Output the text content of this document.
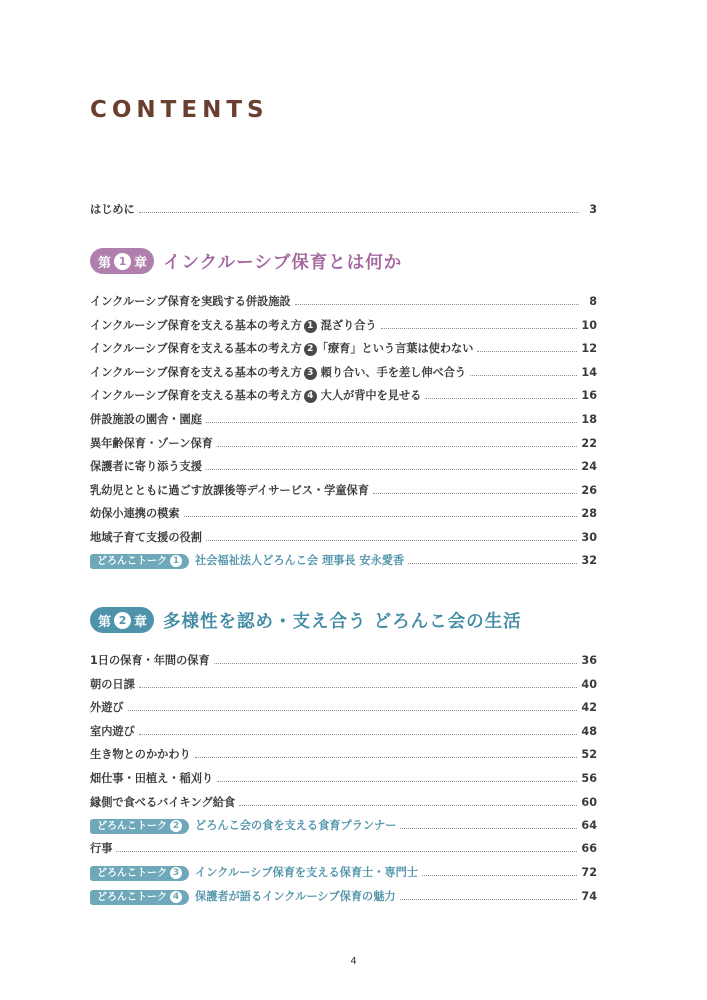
CONTENTS
はじめに	3
第 1 章 インクルーシブ保育とは何か
インクルーシブ保育を実践する併設施設	8
インクルーシブ保育を支える基本の考え方 1 混ざり合う	10
インクルーシブ保育を支える基本の考え方 2 「療育」という言葉は使わない	12
インクルーシブ保育を支える基本の考え方 3 頼り合い、手を差し伸べ合う	14
インクルーシブ保育を支える基本の考え方 4 大人が背中を見せる	16
併設施設の園舎・園庭	18
異年齢保育・ゾーン保育	22
保護者に寄り添う支援	24
乳幼児とともに過ごす放課後等デイサービス・学童保育	26
幼保小連携の模索	28
地域子育て支援の役割	30
どろんこトーク 1	社会福祉法人どろんこ会 理事長 安永愛香	32
第 2 章 多様性を認め・支え合う どろんこ会の生活
1日の保育・年間の保育	36
朝の日課	40
外遊び	42
室内遊び	48
生き物とのかかわり	52
畑仕事・田植え・稲刈り	56
縁側で食べるバイキング給食	60
どろんこトーク 2	どろんこ会の食を支える食育プランナー	64
行事	66
どろんこトーク 3	インクルーシブ保育を支える保育士・専門士	72
どろんこトーク 4	保護者が語るインクルーシブ保育の魅力	74
4
